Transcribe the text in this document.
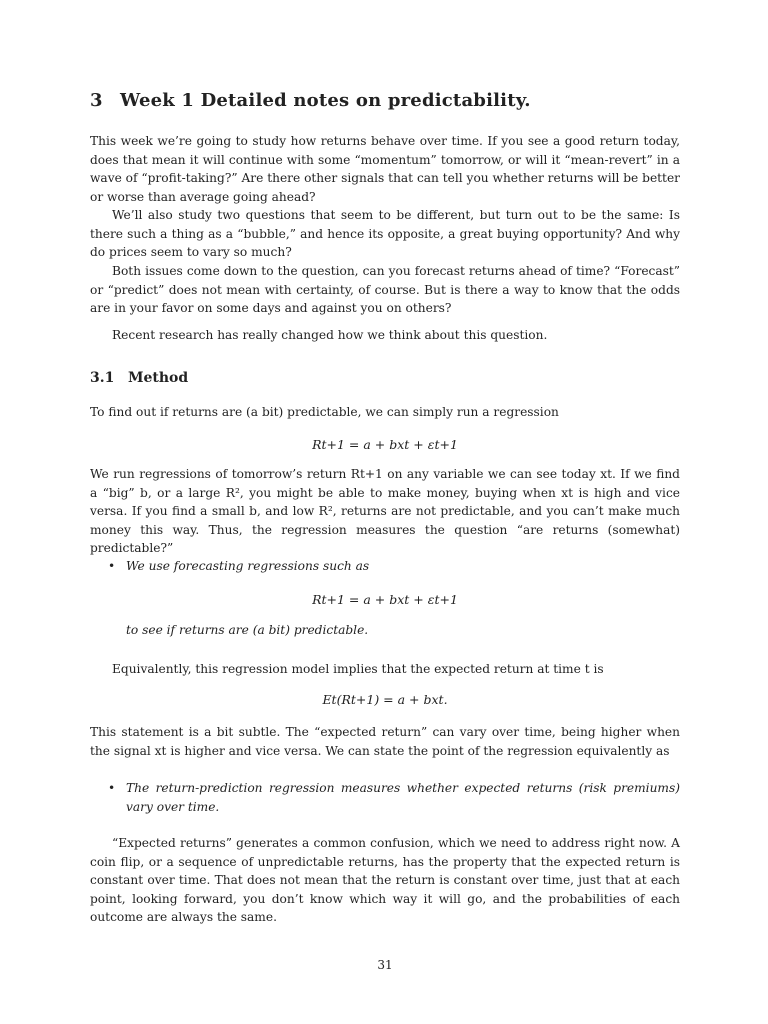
3 Week 1 Detailed notes on predictability.
This week we’re going to study how returns behave over time. If you see a good return today, does that mean it will continue with some “momentum” tomorrow, or will it “mean-revert” in a wave of “profit-taking?” Are there other signals that can tell you whether returns will be better or worse than average going ahead?
We’ll also study two questions that seem to be different, but turn out to be the same: Is there such a thing as a “bubble,” and hence its opposite, a great buying opportunity? And why do prices seem to vary so much?
Both issues come down to the question, can you forecast returns ahead of time? “Forecast” or “predict” does not mean with certainty, of course. But is there a way to know that the odds are in your favor on some days and against you on others?
Recent research has really changed how we think about this question.
3.1 Method
To find out if returns are (a bit) predictable, we can simply run a regression
Rt+1 = a + bxt + εt+1
We run regressions of tomorrow’s return Rt+1 on any variable we can see today xt. If we find a “big” b, or a large R², you might be able to make money, buying when xt is high and vice versa. If you find a small b, and low R², returns are not predictable, and you can’t make much money this way. Thus, the regression measures the question “are returns (somewhat) predictable?”
• We use forecasting regressions such as
Rt+1 = a + bxt + εt+1
to see if returns are (a bit) predictable.
Equivalently, this regression model implies that the expected return at time t is
Et(Rt+1) = a + bxt.
This statement is a bit subtle. The “expected return” can vary over time, being higher when the signal xt is higher and vice versa. We can state the point of the regression equivalently as
• The return-prediction regression measures whether expected returns (risk premiums) vary over time.
“Expected returns” generates a common confusion, which we need to address right now. A coin flip, or a sequence of unpredictable returns, has the property that the expected return is constant over time. That does not mean that the return is constant over time, just that at each point, looking forward, you don’t know which way it will go, and the probabilities of each outcome are always the same.
31
